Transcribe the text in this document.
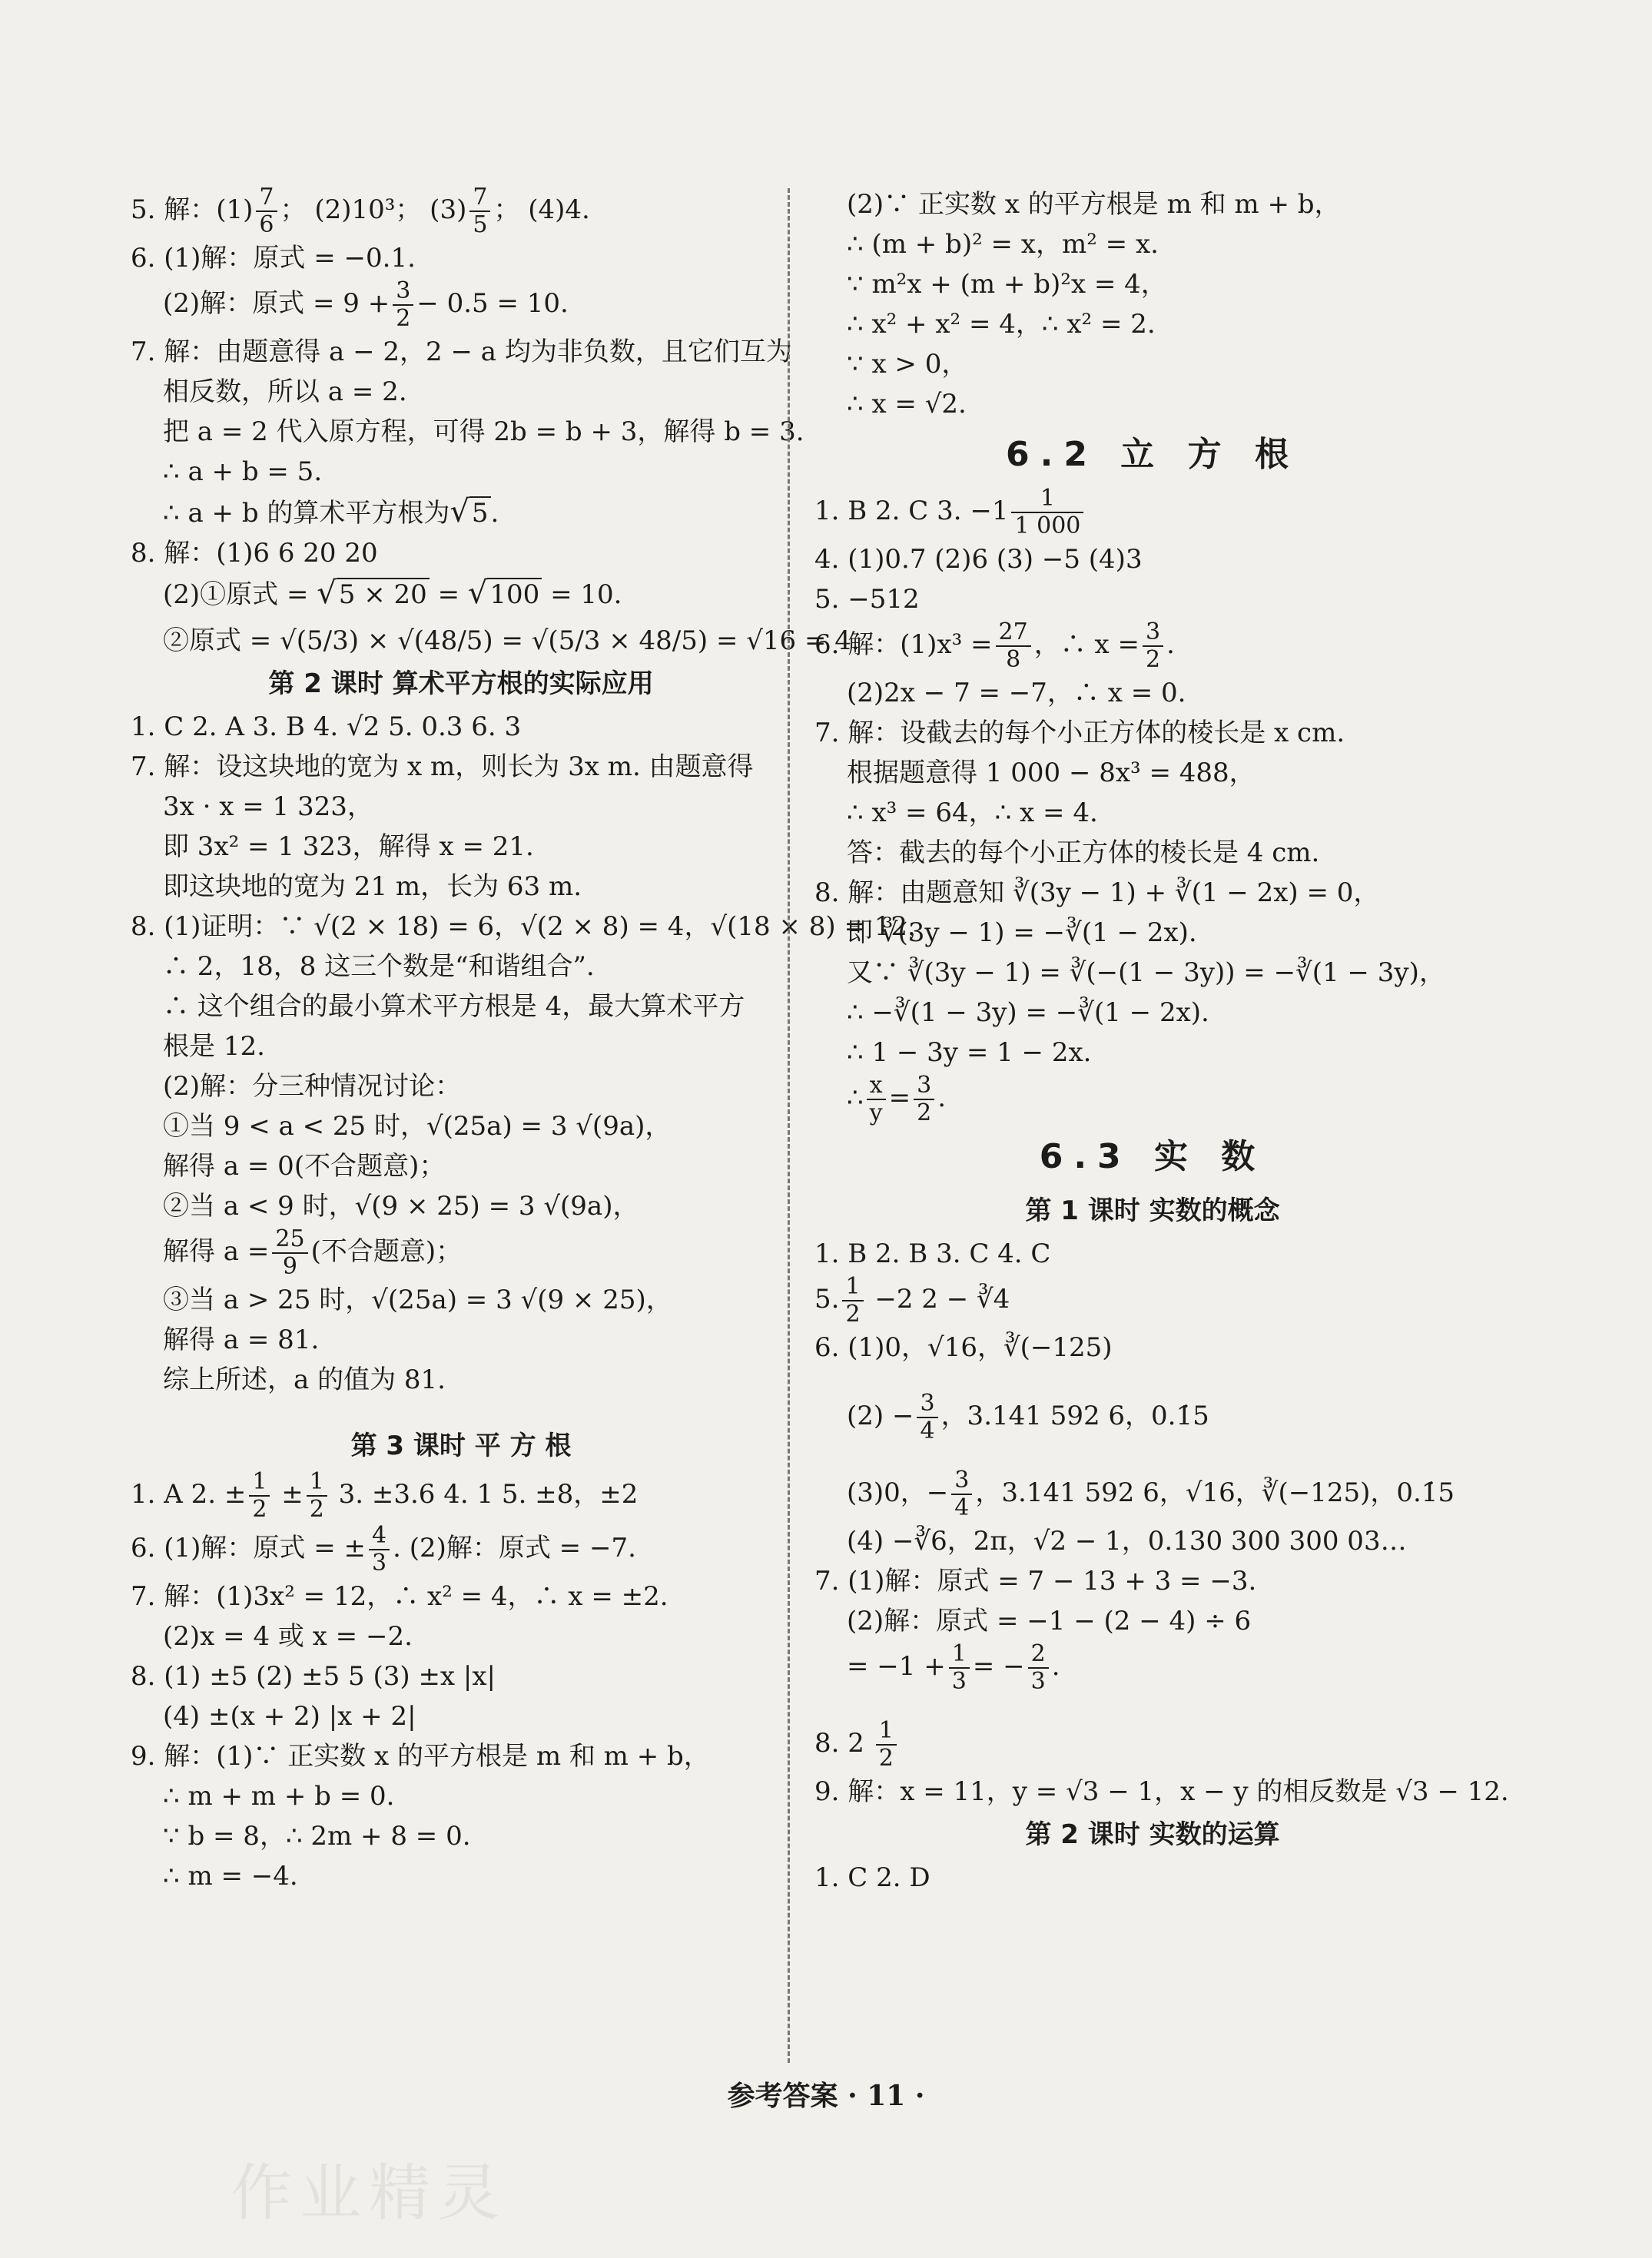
5. 解：$(1) \frac{7}{6}$ ； (2)10³； $(3) \frac{7}{5}$ ； (4)4.
6. (1)解：原式 = −0.1.
(2)解：原式 = $9 + \frac{3}{2} - 0.5 = 10$.
7. 解：由题意得 a − 2，2 − a 均为非负数，且它们互为
相反数，所以 a = 2.
把 a = 2 代入原方程，可得 2b = b + 3，解得 b = 3.
∴ a + b = 5.
∴ a + b 的算术平方根为√5.
8. 解：(1)6 6 20 20
(2)①原式 = √5 × 20 = √100 = 10.
②原式 = √(5/3) × √(48/5) = √(5/3 × 48/5) = √16 = 4.
第 2 课时 算术平方根的实际应用
1. C 2. A 3. B 4. √2 5. 0.3 6. 3
7. 解：设这块地的宽为 x m，则长为 3x m. 由题意得
3x · x = 1 323，
即 3x² = 1 323，解得 x = 21.
即这块地的宽为 21 m，长为 63 m.
8. (1)证明：∵ √(2 × 18) = 6，√(2 × 8) = 4，√(18 × 8) = 12，
∴ 2，18，8 这三个数是“和谐组合”.
∴ 这个组合的最小算术平方根是 4，最大算术平方
根是 12.
(2)解：分三种情况讨论：
①当 9 < a < 25 时，√(25a) = 3 √(9a)，
解得 a = 0(不合题意)；
②当 a < 9 时，√(9 × 25) = 3 √(9a)，
解得 $a = \frac{25}{9}$ (不合题意)；
③当 a > 25 时，√(25a) = 3 √(9 × 25)，
解得 a = 81.
综上所述，a 的值为 81.
第 3 课时 平 方 根
1. A 2. ± $\frac{1}{2} \pm \frac{1}{2} 3$. ±3.6 4. 1 5. ±8，±2
6. (1)解：原式 = ± $\frac{4}{3}$ . (2)解：原式 = −7.
7. 解：(1)3x² = 12，∴ x² = 4，∴ x = ±2.
(2)x = 4 或 x = −2.
8. (1) ±5 (2) ±5 5 (3) ±x |x|
(4) ±(x + 2) |x + 2|
9. 解：(1)∵ 正实数 x 的平方根是 m 和 m + b，
∴ m + m + b = 0.
∵ b = 8，∴ 2m + 8 = 0.
∴ m = −4.
(2)∵ 正实数 x 的平方根是 m 和 m + b，
∴ (m + b)² = x，m² = x.
∵ m²x + (m + b)²x = 4，
∴ x² + x² = 4，∴ x² = 2.
∵ x > 0，
∴ x = √2.
6.2 立 方 根
1. B 2. C 3. $-1 \frac{1}{1 000}$
4. (1)0.7 (2)6 (3) −5 (4)3
5. −512
6. 解：$(1)x^3 = \frac{27}{8}$ ，∴ $x = \frac{3}{2}$ .
(2)2x − 7 = −7，∴ x = 0.
7. 解：设截去的每个小正方体的棱长是 x cm.
根据题意得 1 000 − 8x³ = 488，
∴ x³ = 64，∴ x = 4.
答：截去的每个小正方体的棱长是 4 cm.
8. 解：由题意知 ∛(3y − 1) + ∛(1 − 2x) = 0，
即 ∛(3y − 1) = −∛(1 − 2x).
又∵ ∛(3y − 1) = ∛(−(1 − 3y)) = −∛(1 − 3y)，
∴ −∛(1 − 3y) = −∛(1 − 2x).
∴ 1 − 3y = 1 − 2x.
∴ $\frac{x}{y} = \frac{3}{2}$ .
6.3 实 数
第 1 课时 实数的概念
1. B 2. B 3. C 4. C
5. $\frac{1}{2} -2$ 2 − ∛4
6. (1)0，√16，∛(−125)
$(2) - \frac{3}{4}$ ，3.141 592 6，0.1̇5
(3)0，− $\frac{3}{4}$ ，3.141 592 6，√16，∛(−125)，0.1̇5
(4) −∛6，2π，√2 − 1，0.130 300 300 03…
7. (1)解：原式 = 7 − 13 + 3 = −3.
(2)解：原式 = −1 − (2 − 4) ÷ 6
= $-1 + \frac{1}{3}$ = − $\frac{2}{3}$ .
8. $2 \frac{1}{2}$
9. 解：x = 11，y = √3 − 1，x − y 的相反数是 √3 − 12.
第 2 课时 实数的运算
1. C 2. D
参考答案 · 11 ·
作业精灵
